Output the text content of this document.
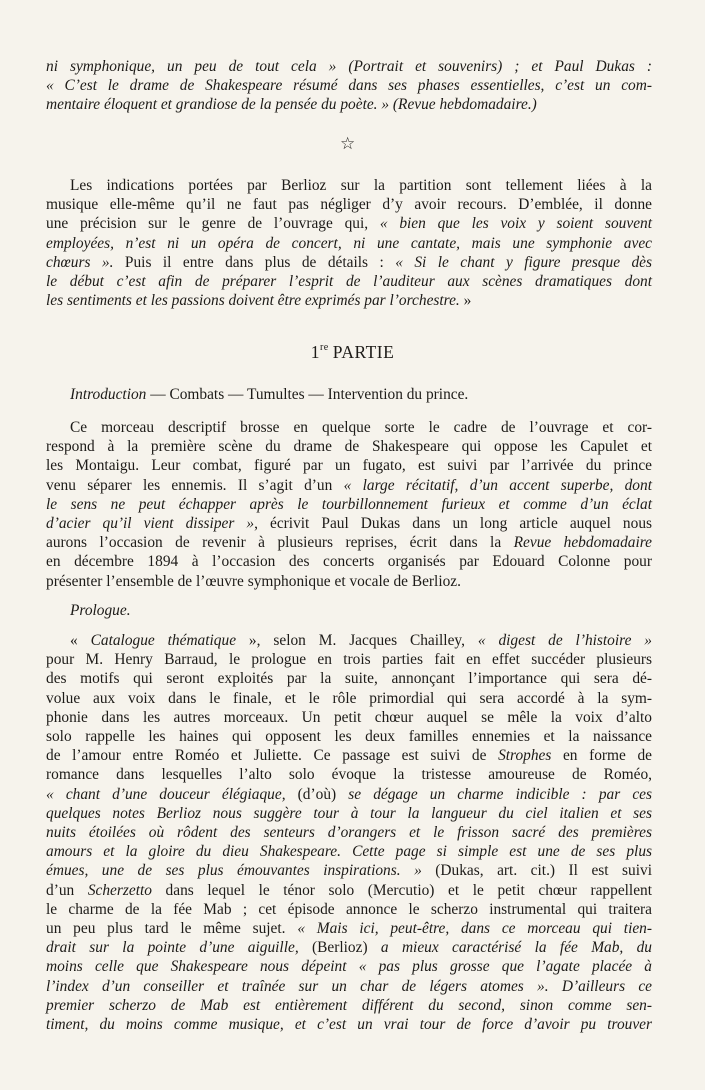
ni symphonique, un peu de tout cela » (Portrait et souvenirs) ; et Paul Dukas :
« C’est le drame de Shakespeare résumé dans ses phases essentielles, c’est un com-
mentaire éloquent et grandiose de la pensée du poète. » (Revue hebdomadaire.)
☆
Les indications portées par Berlioz sur la partition sont tellement liées à la
musique elle-même qu’il ne faut pas négliger d’y avoir recours. D’emblée, il donne
une précision sur le genre de l’ouvrage qui, « bien que les voix y soient souvent
employées, n’est ni un opéra de concert, ni une cantate, mais une symphonie avec
chœurs ». Puis il entre dans plus de détails : « Si le chant y figure presque dès
le début c’est afin de préparer l’esprit de l’auditeur aux scènes dramatiques dont
les sentiments et les passions doivent être exprimés par l’orchestre. »
1re PARTIE
Introduction — Combats — Tumultes — Intervention du prince.
Ce morceau descriptif brosse en quelque sorte le cadre de l’ouvrage et cor-
respond à la première scène du drame de Shakespeare qui oppose les Capulet et
les Montaigu. Leur combat, figuré par un fugato, est suivi par l’arrivée du prince
venu séparer les ennemis. Il s’agit d’un « large récitatif, d’un accent superbe, dont
le sens ne peut échapper après le tourbillonnement furieux et comme d’un éclat
d’acier qu’il vient dissiper », écrivit Paul Dukas dans un long article auquel nous
aurons l’occasion de revenir à plusieurs reprises, écrit dans la Revue hebdomadaire
en décembre 1894 à l’occasion des concerts organisés par Edouard Colonne pour
présenter l’ensemble de l’œuvre symphonique et vocale de Berlioz.
Prologue.
« Catalogue thématique », selon M. Jacques Chailley, « digest de l’histoire »
pour M. Henry Barraud, le prologue en trois parties fait en effet succéder plusieurs
des motifs qui seront exploités par la suite, annonçant l’importance qui sera dé-
volue aux voix dans le finale, et le rôle primordial qui sera accordé à la sym-
phonie dans les autres morceaux. Un petit chœur auquel se mêle la voix d’alto
solo rappelle les haines qui opposent les deux familles ennemies et la naissance
de l’amour entre Roméo et Juliette. Ce passage est suivi de Strophes en forme de
romance dans lesquelles l’alto solo évoque la tristesse amoureuse de Roméo,
« chant d’une douceur élégiaque, (d’où) se dégage un charme indicible : par ces
quelques notes Berlioz nous suggère tour à tour la langueur du ciel italien et ses
nuits étoilées où rôdent des senteurs d’orangers et le frisson sacré des premières
amours et la gloire du dieu Shakespeare. Cette page si simple est une de ses plus
émues, une de ses plus émouvantes inspirations. » (Dukas, art. cit.) Il est suivi
d’un Scherzetto dans lequel le ténor solo (Mercutio) et le petit chœur rappellent
le charme de la fée Mab ; cet épisode annonce le scherzo instrumental qui traitera
un peu plus tard le même sujet. « Mais ici, peut-être, dans ce morceau qui tien-
drait sur la pointe d’une aiguille, (Berlioz) a mieux caractérisé la fée Mab, du
moins celle que Shakespeare nous dépeint « pas plus grosse que l’agate placée à
l’index d’un conseiller et traînée sur un char de légers atomes ». D’ailleurs ce
premier scherzo de Mab est entièrement différent du second, sinon comme sen-
timent, du moins comme musique, et c’est un vrai tour de force d’avoir pu trouver
